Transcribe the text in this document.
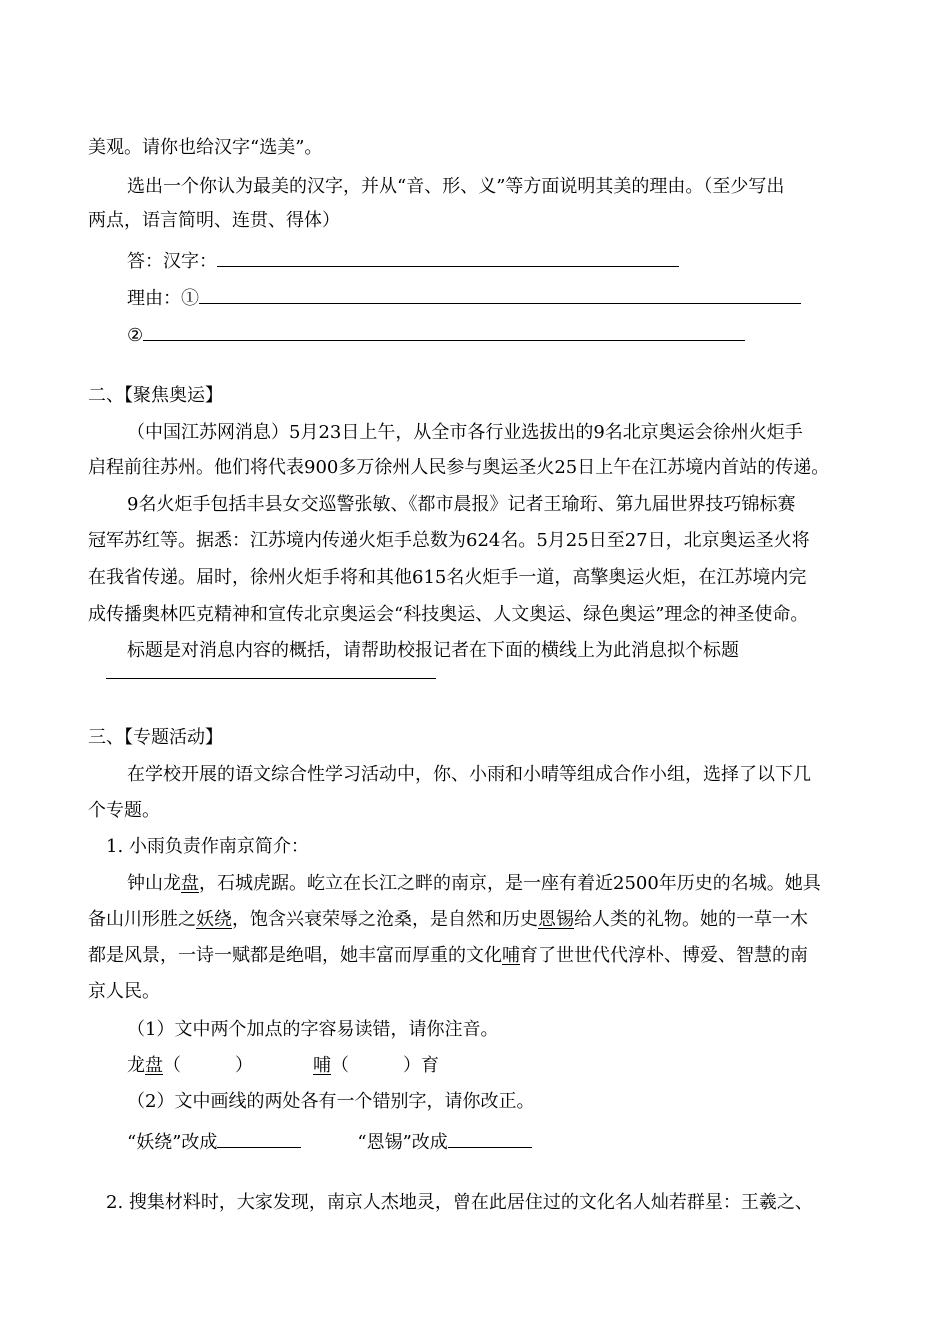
美观。请你也给汉字“选美”。
选出一个你认为最美的汉字，并从“音、形、义”等方面说明其美的理由。（至少写出
两点，语言简明、连贯、得体）
答：汉字：
理由：①
②
二、【聚焦奥运】
（中国江苏网消息）5月23日上午，从全市各行业选拔出的9名北京奥运会徐州火炬手
启程前往苏州。他们将代表900多万徐州人民参与奥运圣火25日上午在江苏境内首站的传递。
9名火炬手包括丰县女交巡警张敏、《都市晨报》记者王瑜珩、第九届世界技巧锦标赛
冠军苏红等。据悉：江苏境内传递火炬手总数为624名。5月25日至27日，北京奥运圣火将
在我省传递。届时，徐州火炬手将和其他615名火炬手一道，高擎奥运火炬，在江苏境内完
成传播奥林匹克精神和宣传北京奥运会“科技奥运、人文奥运、绿色奥运”理念的神圣使命。
标题是对消息内容的概括，请帮助校报记者在下面的横线上为此消息拟个标题
三、【专题活动】
在学校开展的语文综合性学习活动中，你、小雨和小晴等组成合作小组，选择了以下几
个专题。
1. 小雨负责作南京简介：
钟山龙盘，石城虎踞。屹立在长江之畔的南京，是一座有着近2500年历史的名城。她具
备山川形胜之妖绕，饱含兴衰荣辱之沧桑，是自然和历史恩锡给人类的礼物。她的一草一木
都是风景，一诗一赋都是绝唱，她丰富而厚重的文化哺育了世世代代淳朴、博爱、智慧的南
京人民。
（1）文中两个加点的字容易读错，请你注音。
龙盘（　　　）	哺（　　　）育
（2）文中画线的两处各有一个错别字，请你改正。
“妖绕”改成	“恩锡”改成
2. 搜集材料时，大家发现，南京人杰地灵，曾在此居住过的文化名人灿若群星：王羲之、
